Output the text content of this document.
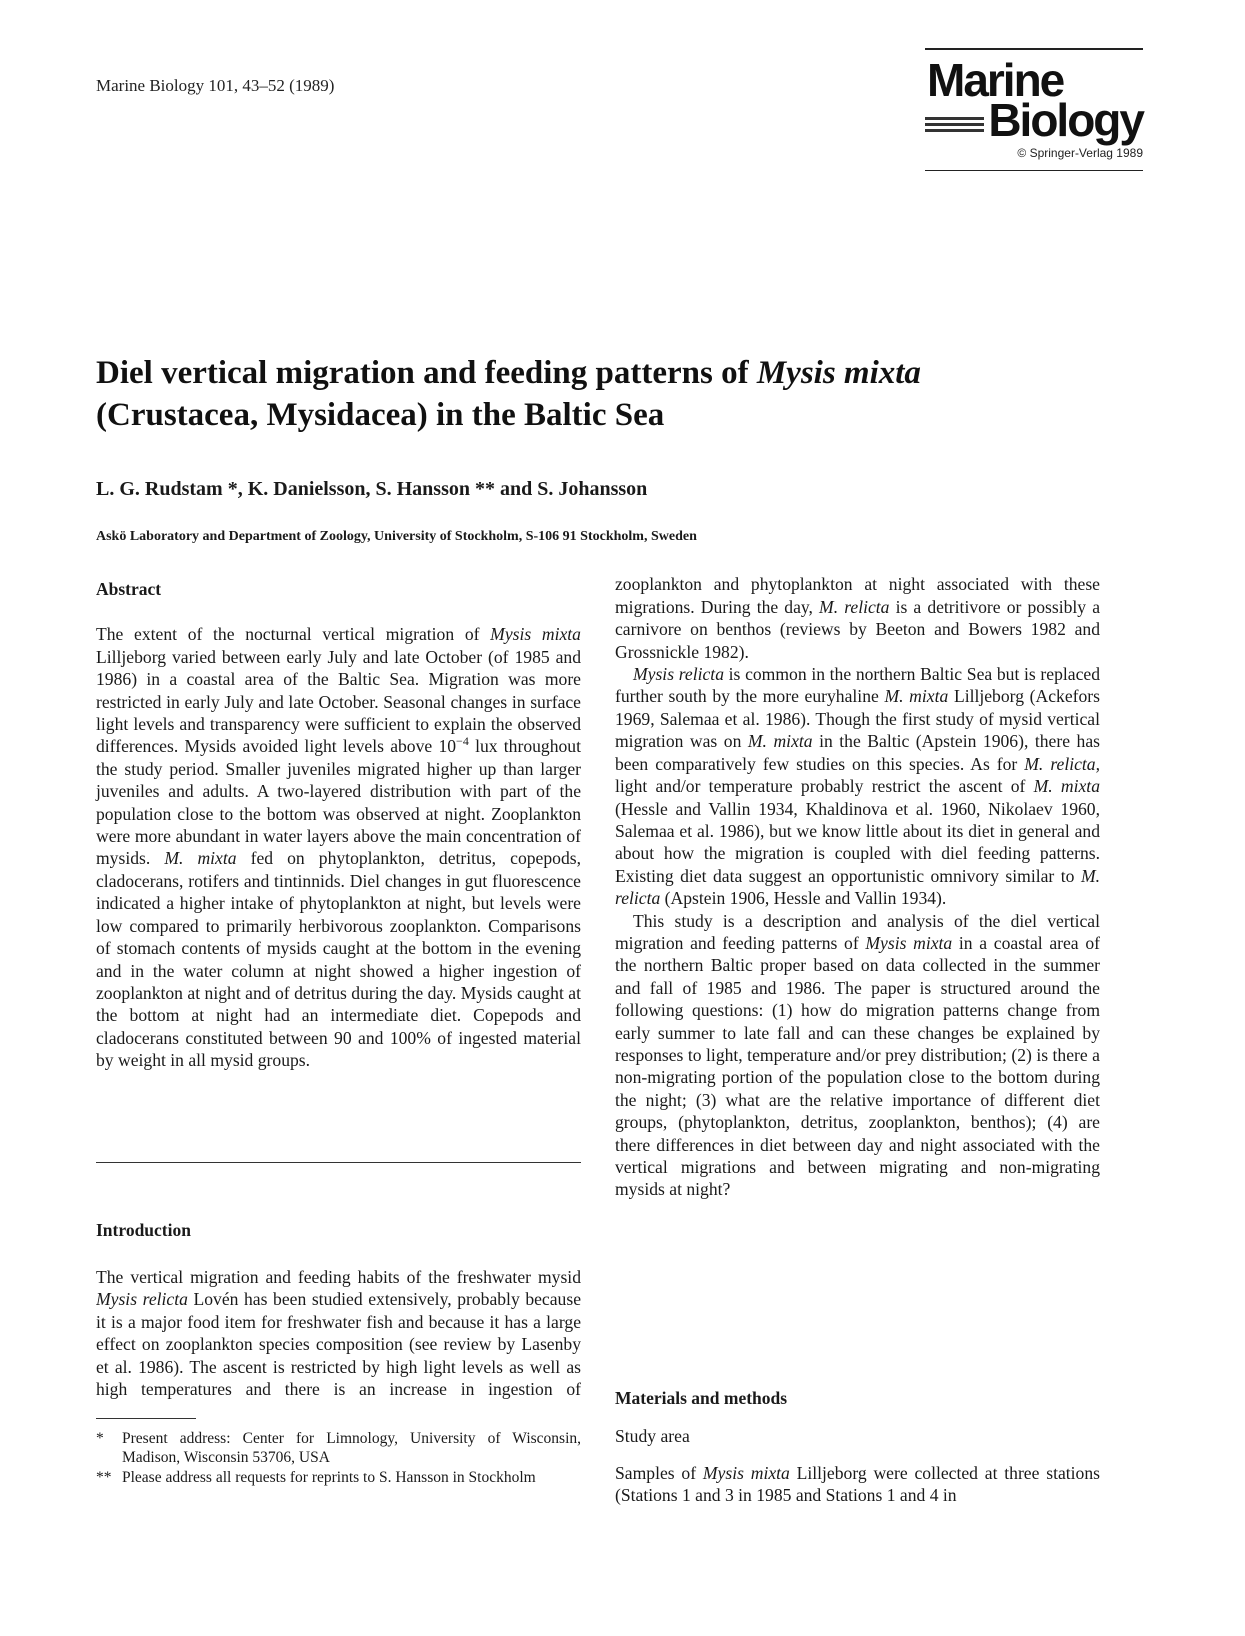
Marine Biology 101, 43–52 (1989)	Marine
Biology
© Springer-Verlag 1989
Diel vertical migration and feeding patterns of Mysis mixta
(Crustacea, Mysidacea) in the Baltic Sea
L. G. Rudstam *, K. Danielsson, S. Hansson ** and S. Johansson
Askö Laboratory and Department of Zoology, University of Stockholm, S-106 91 Stockholm, Sweden
Abstract

The extent of the nocturnal vertical migration of Mysis mixta Lilljeborg varied between early July and late October (of 1985 and 1986) in a coastal area of the Baltic Sea. Migration was more restricted in early July and late October. Seasonal changes in surface light levels and transparency were sufficient to explain the observed differences. Mysids avoided light levels above $10^{-4}$ lux throughout the study period. Smaller juveniles migrated higher up than larger juveniles and adults. A two-layered distribution with part of the population close to the bottom was observed at night. Zooplankton were more abundant in water layers above the main concentration of mysids. M. mixta fed on phytoplankton, detritus, copepods, cladocerans, rotifers and tintinnids. Diel changes in gut fluorescence indicated a higher intake of phytoplankton at night, but levels were low compared to primarily herbivorous zooplankton. Comparisons of stomach contents of mysids caught at the bottom in the evening and in the water column at night showed a higher ingestion of zooplankton at night and of detritus during the day. Mysids caught at the bottom at night had an intermediate diet. Copepods and cladocerans constituted between 90 and 100% of ingested material by weight in all mysid groups.

Introduction

The vertical migration and feeding habits of the freshwater mysid Mysis relicta Lovén has been studied extensively, probably because it is a major food item for freshwater fish and because it has a large effect on zooplankton species composition (see review by Lasenby et al. 1986). The ascent is restricted by high light levels as well as high temperatures and there is an increase in ingestion of

*	Present address: Center for Limnology, University of Wisconsin, Madison, Wisconsin 53706, USA
** Please address all requests for reprints to S. Hansson in Stockholm

zooplankton and phytoplankton at night associated with these migrations. During the day, M. relicta is a detritivore or possibly a carnivore on benthos (reviews by Beeton and Bowers 1982 and Grossnickle 1982).

Mysis relicta is common in the northern Baltic Sea but is replaced further south by the more euryhaline M. mixta Lilljeborg (Ackefors 1969, Salemaa et al. 1986). Though the first study of mysid vertical migration was on M. mixta in the Baltic (Apstein 1906), there has been comparatively few studies on this species. As for M. relicta, light and/or temperature probably restrict the ascent of M. mixta (Hessle and Vallin 1934, Khaldinova et al. 1960, Nikolaev 1960, Salemaa et al. 1986), but we know little about its diet in general and about how the migration is coupled with diel feeding patterns. Existing diet data suggest an opportunistic omnivory similar to M. relicta (Apstein 1906, Hessle and Vallin 1934).

This study is a description and analysis of the diel vertical migration and feeding patterns of Mysis mixta in a coastal area of the northern Baltic proper based on data collected in the summer and fall of 1985 and 1986. The paper is structured around the following questions: (1) how do migration patterns change from early summer to late fall and can these changes be explained by responses to light, temperature and/or prey distribution; (2) is there a non-migrating portion of the population close to the bottom during the night; (3) what are the relative importance of different diet groups, (phytoplankton, detritus, zooplankton, benthos); (4) are there differences in diet between day and night associated with the vertical migrations and between migrating and non-migrating mysids at night?

Materials and methods
Study area

Samples of Mysis mixta Lilljeborg were collected at three stations (Stations 1 and 3 in 1985 and Stations 1 and 4 in
